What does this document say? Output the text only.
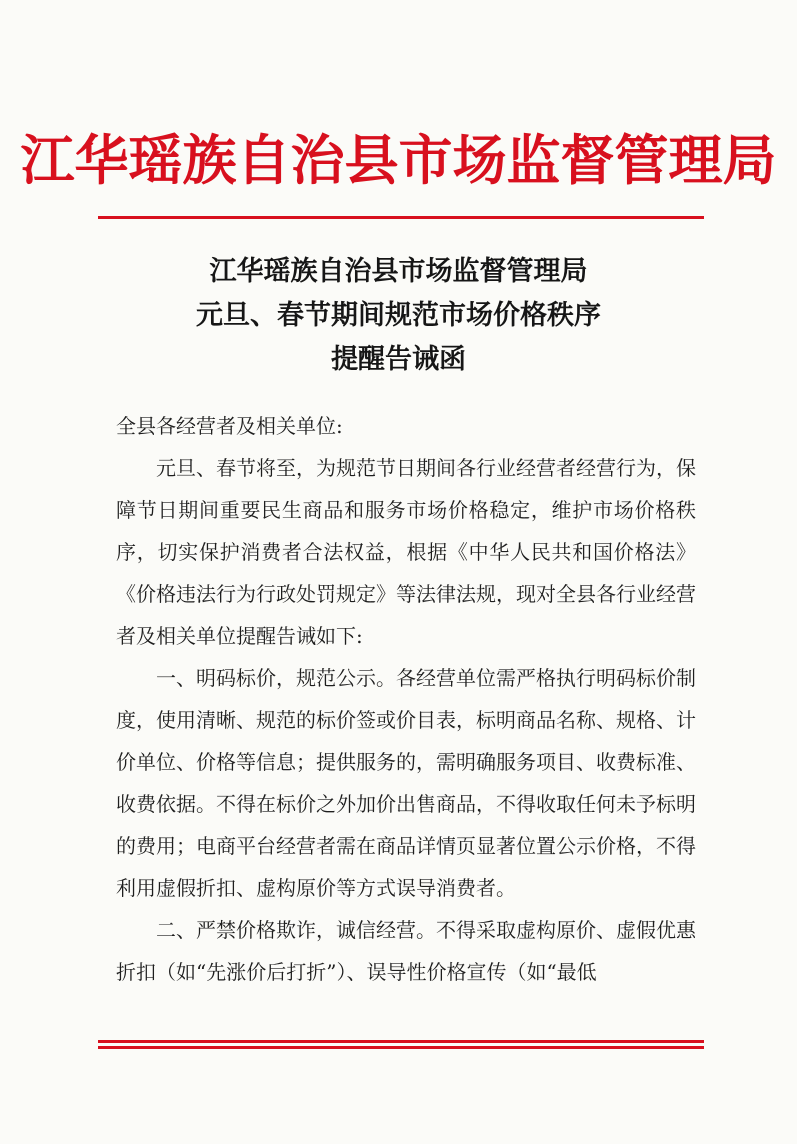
江华瑶族自治县市场监督管理局
江华瑶族自治县市场监督管理局
元旦、春节期间规范市场价格秩序
提醒告诫函

全县各经营者及相关单位:

元旦、春节将至，为规范节日期间各行业经营者经营行为，保障节日期间重要民生商品和服务市场价格稳定，维护市场价格秩序，切实保护消费者合法权益，根据《中华人民共和国价格法》《价格违法行为行政处罚规定》等法律法规，现对全县各行业经营者及相关单位提醒告诫如下:

一、明码标价，规范公示。各经营单位需严格执行明码标价制度，使用清晰、规范的标价签或价目表，标明商品名称、规格、计价单位、价格等信息；提供服务的，需明确服务项目、收费标准、收费依据。不得在标价之外加价出售商品，不得收取任何未予标明的费用；电商平台经营者需在商品详情页显著位置公示价格，不得利用虚假折扣、虚构原价等方式误导消费者。

二、严禁价格欺诈，诚信经营。不得采取虚构原价、虚假优惠折扣（如“先涨价后打折”）、误导性价格宣传（如“最低
